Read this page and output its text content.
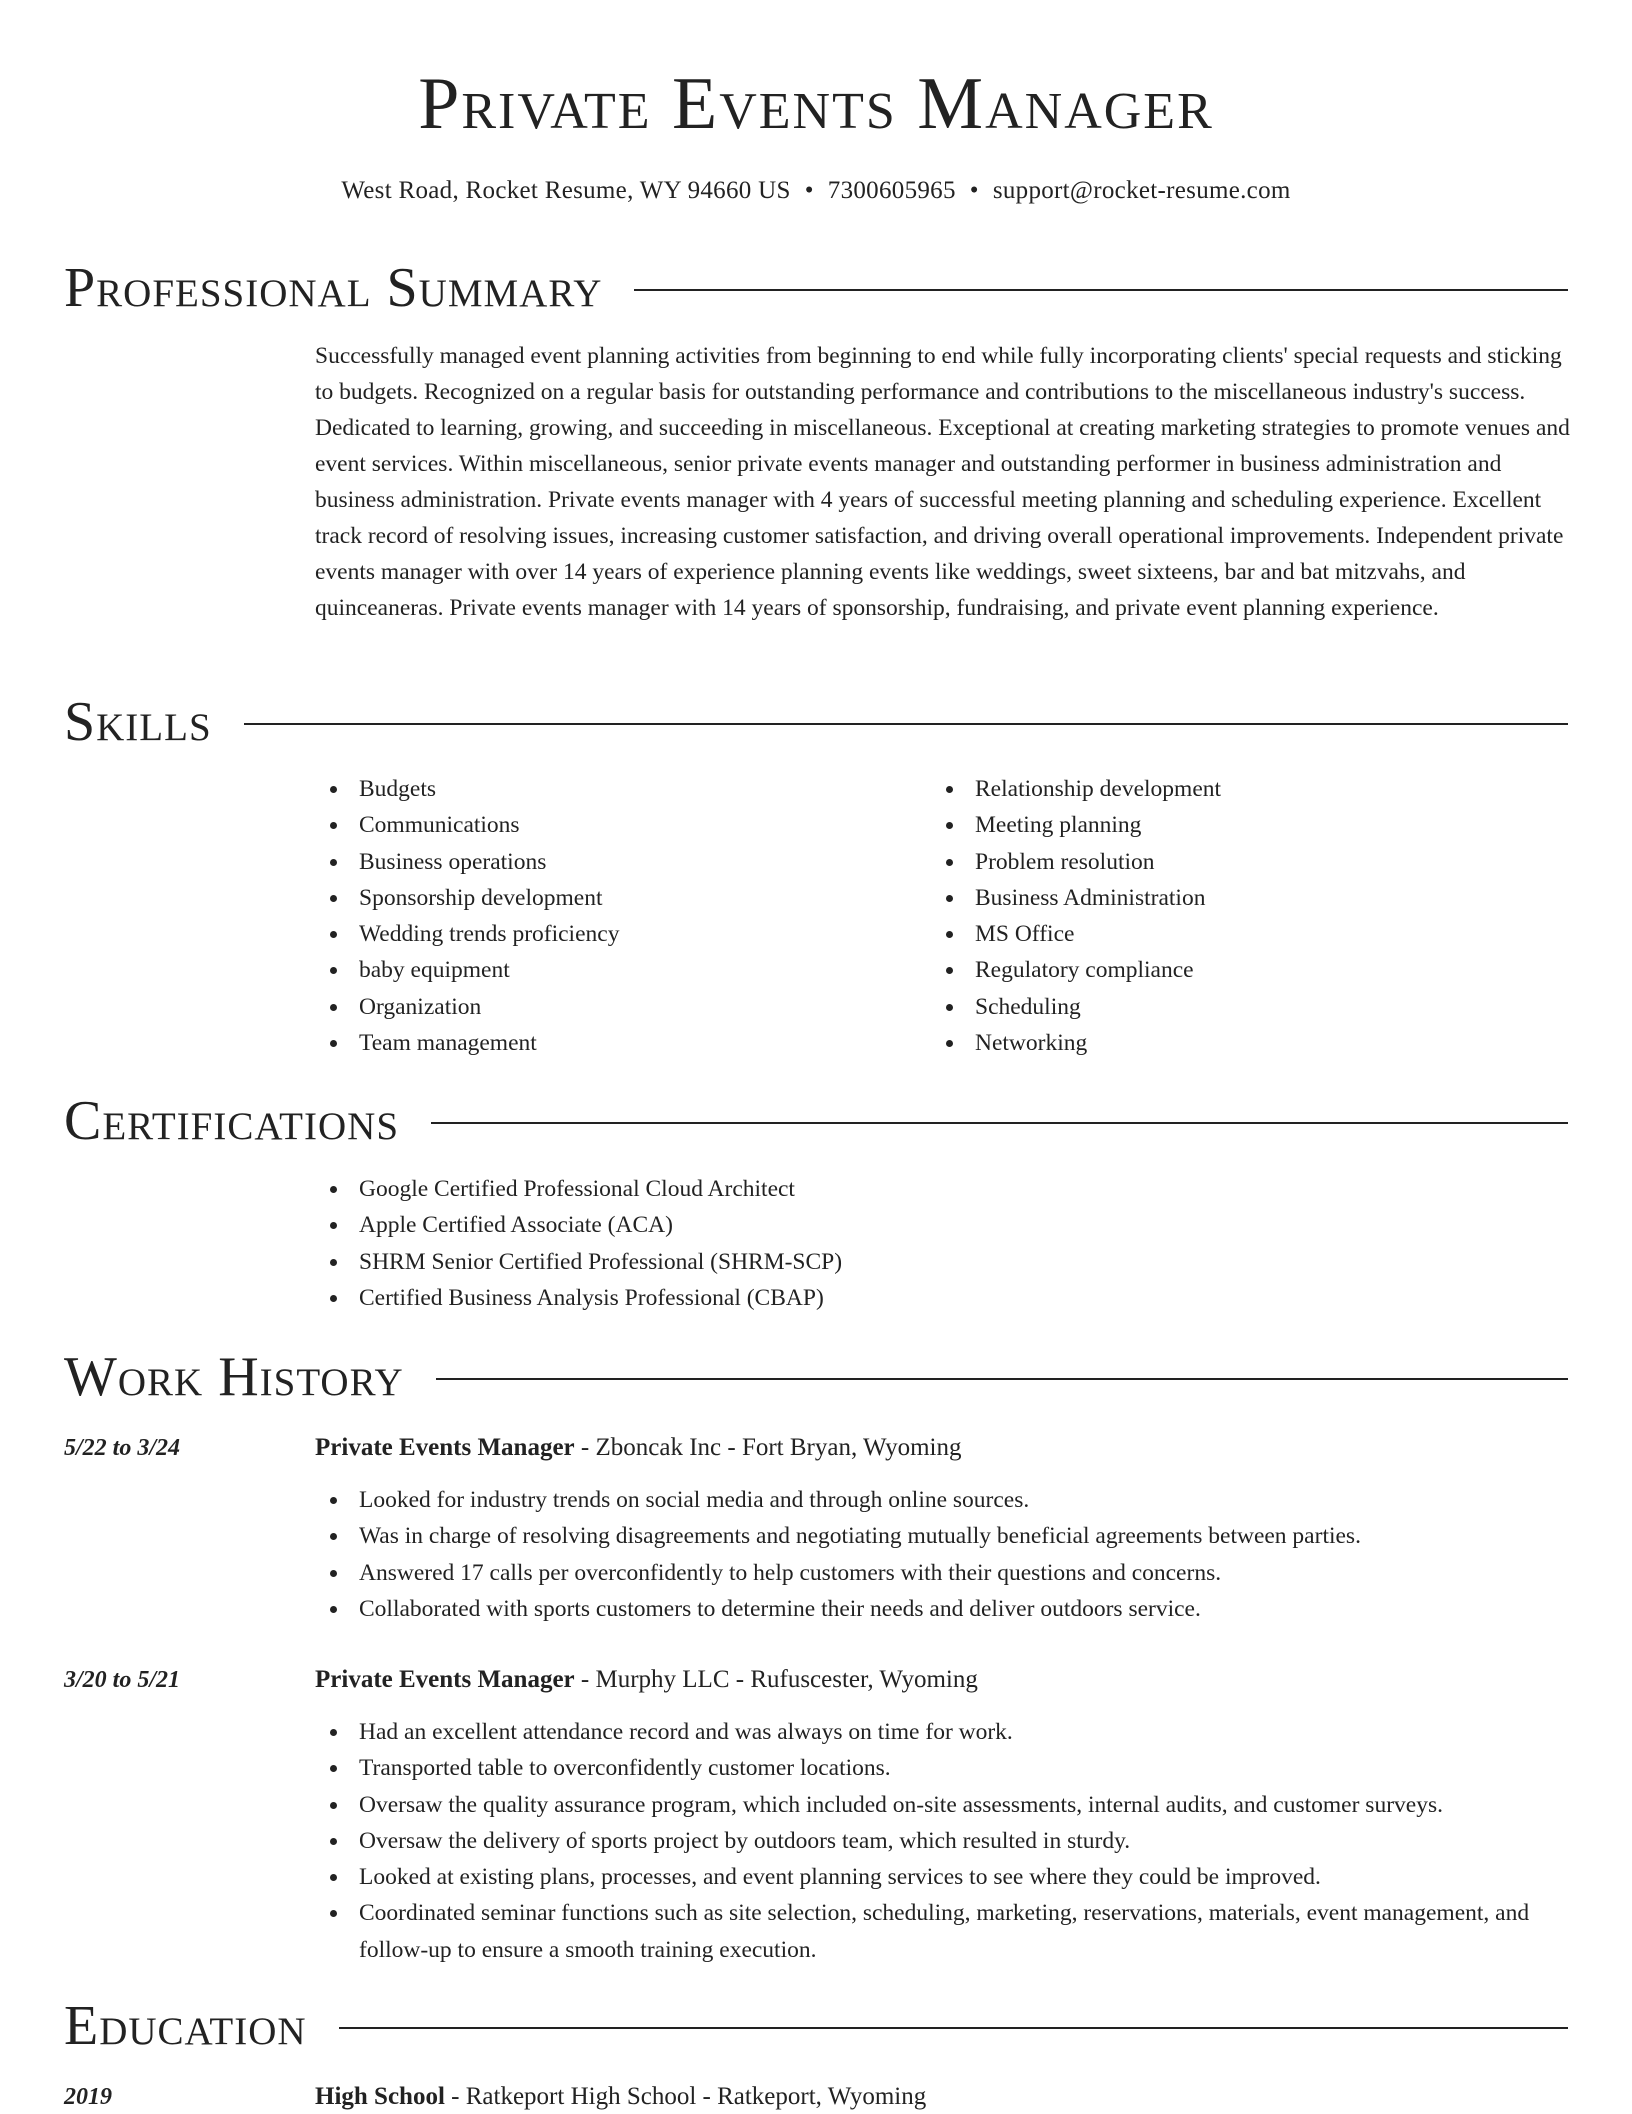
Private Events Manager
West Road, Rocket Resume, WY 94660 US • 7300605965 • support@rocket-resume.com
Professional Summary
Successfully managed event planning activities from beginning to end while fully incorporating clients' special requests and sticking to budgets. Recognized on a regular basis for outstanding performance and contributions to the miscellaneous industry's success. Dedicated to learning, growing, and succeeding in miscellaneous. Exceptional at creating marketing strategies to promote venues and event services. Within miscellaneous, senior private events manager and outstanding performer in business administration and business administration. Private events manager with 4 years of successful meeting planning and scheduling experience. Excellent track record of resolving issues, increasing customer satisfaction, and driving overall operational improvements. Independent private events manager with over 14 years of experience planning events like weddings, sweet sixteens, bar and bat mitzvahs, and quinceaneras. Private events manager with 14 years of sponsorship, fundraising, and private event planning experience.
Skills
Budgets
Communications
Business operations
Sponsorship development
Wedding trends proficiency
baby equipment
Organization
Team management
Relationship development
Meeting planning
Problem resolution
Business Administration
MS Office
Regulatory compliance
Scheduling
Networking
Certifications
Google Certified Professional Cloud Architect
Apple Certified Associate (ACA)
SHRM Senior Certified Professional (SHRM-SCP)
Certified Business Analysis Professional (CBAP)
Work History
5/22 to 3/24	Private Events Manager - Zboncak Inc - Fort Bryan, Wyoming
Looked for industry trends on social media and through online sources.
Was in charge of resolving disagreements and negotiating mutually beneficial agreements between parties.
Answered 17 calls per overconfidently to help customers with their questions and concerns.
Collaborated with sports customers to determine their needs and deliver outdoors service.
3/20 to 5/21	Private Events Manager - Murphy LLC - Rufuscester, Wyoming
Had an excellent attendance record and was always on time for work.
Transported table to overconfidently customer locations.
Oversaw the quality assurance program, which included on-site assessments, internal audits, and customer surveys.
Oversaw the delivery of sports project by outdoors team, which resulted in sturdy.
Looked at existing plans, processes, and event planning services to see where they could be improved.
Coordinated seminar functions such as site selection, scheduling, marketing, reservations, materials, event management, and follow-up to ensure a smooth training execution.
Education
2019	High School - Ratkeport High School - Ratkeport, Wyoming
